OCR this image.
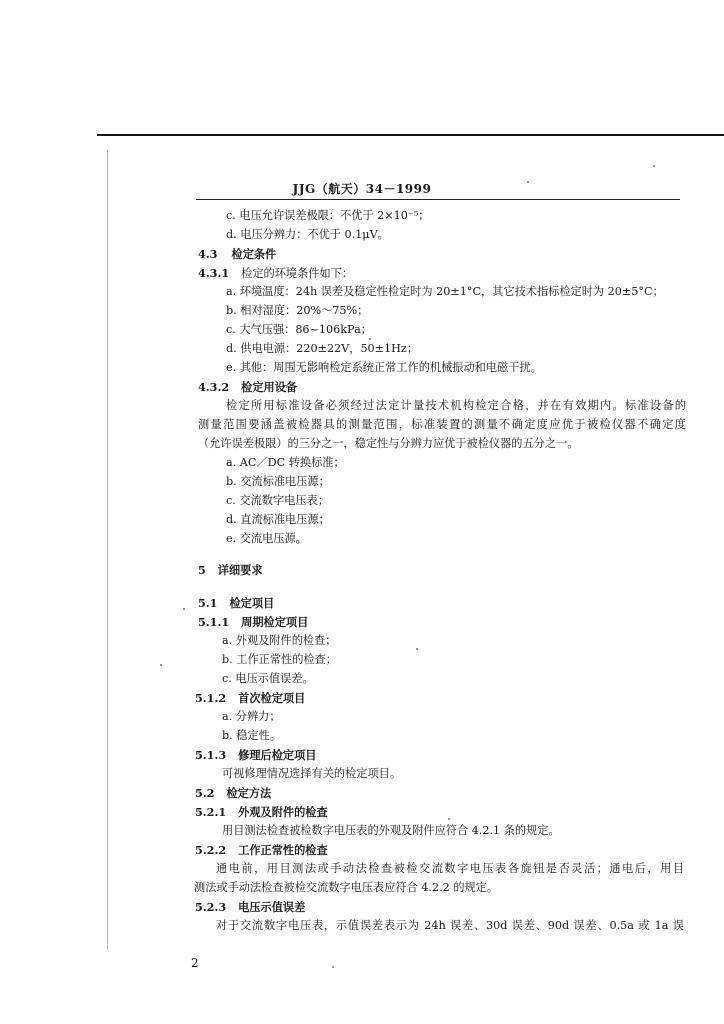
JJG（航天）34－1999
c. 电压允许误差极限：不优于 2×10⁻⁵；
d. 电压分辨力：不优于 0.1μV。
4.3 检定条件
4.3.1 检定的环境条件如下：
a. 环境温度：24h 误差及稳定性检定时为 20±1°C，其它技术指标检定时为 20±5°C；
b. 相对湿度：20%～75%；
c. 大气压强：86~106kPa；
d. 供电电源：220±22V，50±1Hz；
e. 其他：周围无影响检定系统正常工作的机械振动和电磁干扰。
4.3.2 检定用设备
检定所用标准设备必须经过法定计量技术机构检定合格，并在有效期内。标准设备的
测量范围要涵盖被检器具的测量范围，标准装置的测量不确定度应优于被检仪器不确定度
（允许误差极限）的三分之一，稳定性与分辨力应优于被检仪器的五分之一。
a. AC／DC 转换标准；
b. 交流标准电压源；
c. 交流数字电压表；
d. 直流标准电压源；
e. 交流电压源。
5 详细要求
5.1 检定项目
5.1.1 周期检定项目
a. 外观及附件的检查；
b. 工作正常性的检查；
c. 电压示值误差。
5.1.2 首次检定项目
a. 分辨力；
b. 稳定性。
5.1.3 修理后检定项目
可视修理情况选择有关的检定项目。
5.2 检定方法
5.2.1 外观及附件的检查
用目测法检查被检数字电压表的外观及附件应符合 4.2.1 条的规定。
5.2.2 工作正常性的检查
通电前，用目测法或手动法检查被检交流数字电压表各旋钮是否灵活；通电后，用目
测法或手动法检查被检交流数字电压表应符合 4.2.2 的规定。
5.2.3 电压示值误差
对于交流数字电压表，示值误差表示为 24h 误差、30d 误差、90d 误差、0.5a 或 1a 误
2
